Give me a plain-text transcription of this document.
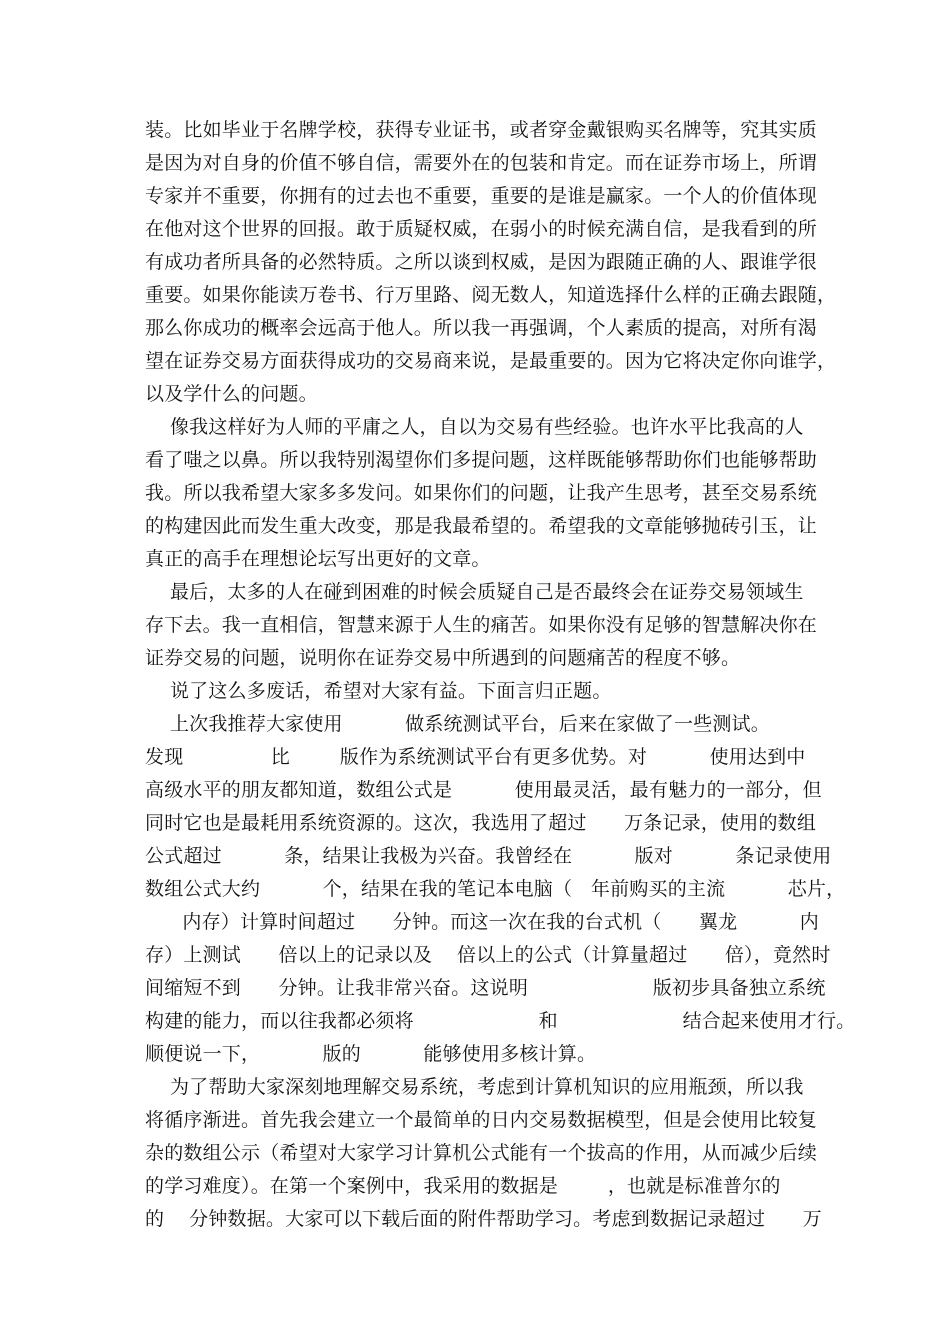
装。比如毕业于名牌学校，获得专业证书，或者穿金戴银购买名牌等，究其实质
是因为对自身的价值不够自信，需要外在的包装和肯定。而在证券市场上，所谓
专家并不重要，你拥有的过去也不重要，重要的是谁是赢家。一个人的价值体现
在他对这个世界的回报。敢于质疑权威，在弱小的时候充满自信，是我看到的所
有成功者所具备的必然特质。之所以谈到权威，是因为跟随正确的人、跟谁学很
重要。如果你能读万卷书、行万里路、阅无数人，知道选择什么样的正确去跟随，
那么你成功的概率会远高于他人。所以我一再强调，个人素质的提高，对所有渴
望在证券交易方面获得成功的交易商来说，是最重要的。因为它将决定你向谁学，
以及学什么的问题。
像我这样好为人师的平庸之人，自以为交易有些经验。也许水平比我高的人
看了嗤之以鼻。所以我特别渴望你们多提问题，这样既能够帮助你们也能够帮助
我。所以我希望大家多多发问。如果你们的问题，让我产生思考，甚至交易系统
的构建因此而发生重大改变，那是我最希望的。希望我的文章能够抛砖引玉，让
真正的高手在理想论坛写出更好的文章。
最后，太多的人在碰到困难的时候会质疑自己是否最终会在证券交易领域生
存下去。我一直相信，智慧来源于人生的痛苦。如果你没有足够的智慧解决你在
证券交易的问题，说明你在证券交易中所遇到的问题痛苦的程度不够。
说了这么多废话，希望对大家有益。下面言归正题。
上次我推荐大家使用          做系统测试平台，后来在家做了一些测试。
发现              比        版作为系统测试平台有更多优势。对          使用达到中
高级水平的朋友都知道，数组公式是          使用最灵活，最有魅力的一部分，但
同时它也是最耗用系统资源的。这次，我选用了超过      万条记录，使用的数组
公式超过          条，结果让我极为兴奋。我曾经在          版对          条记录使用
数组公式大约          个，结果在我的笔记本电脑（   年前购买的主流          芯片，
内存）计算时间超过      分钟。而这一次在我的台式机（      翼龙          内
存）上测试      倍以上的记录以及    倍以上的公式（计算量超过      倍），竟然时
间缩短不到      分钟。让我非常兴奋。这说明                    版初步具备独立系统
构建的能力，而以往我都必须将                    和                    结合起来使用才行。
顺便说一下，          版的          能够使用多核计算。
为了帮助大家深刻地理解交易系统，考虑到计算机知识的应用瓶颈，所以我
将循序渐进。首先我会建立一个最简单的日内交易数据模型，但是会使用比较复
杂的数组公示（希望对大家学习计算机公式能有一个拔高的作用，从而减少后续
的学习难度）。在第一个案例中，我采用的数据是        ，也就是标准普尔的
的    分钟数据。大家可以下载后面的附件帮助学习。考虑到数据记录超过      万
